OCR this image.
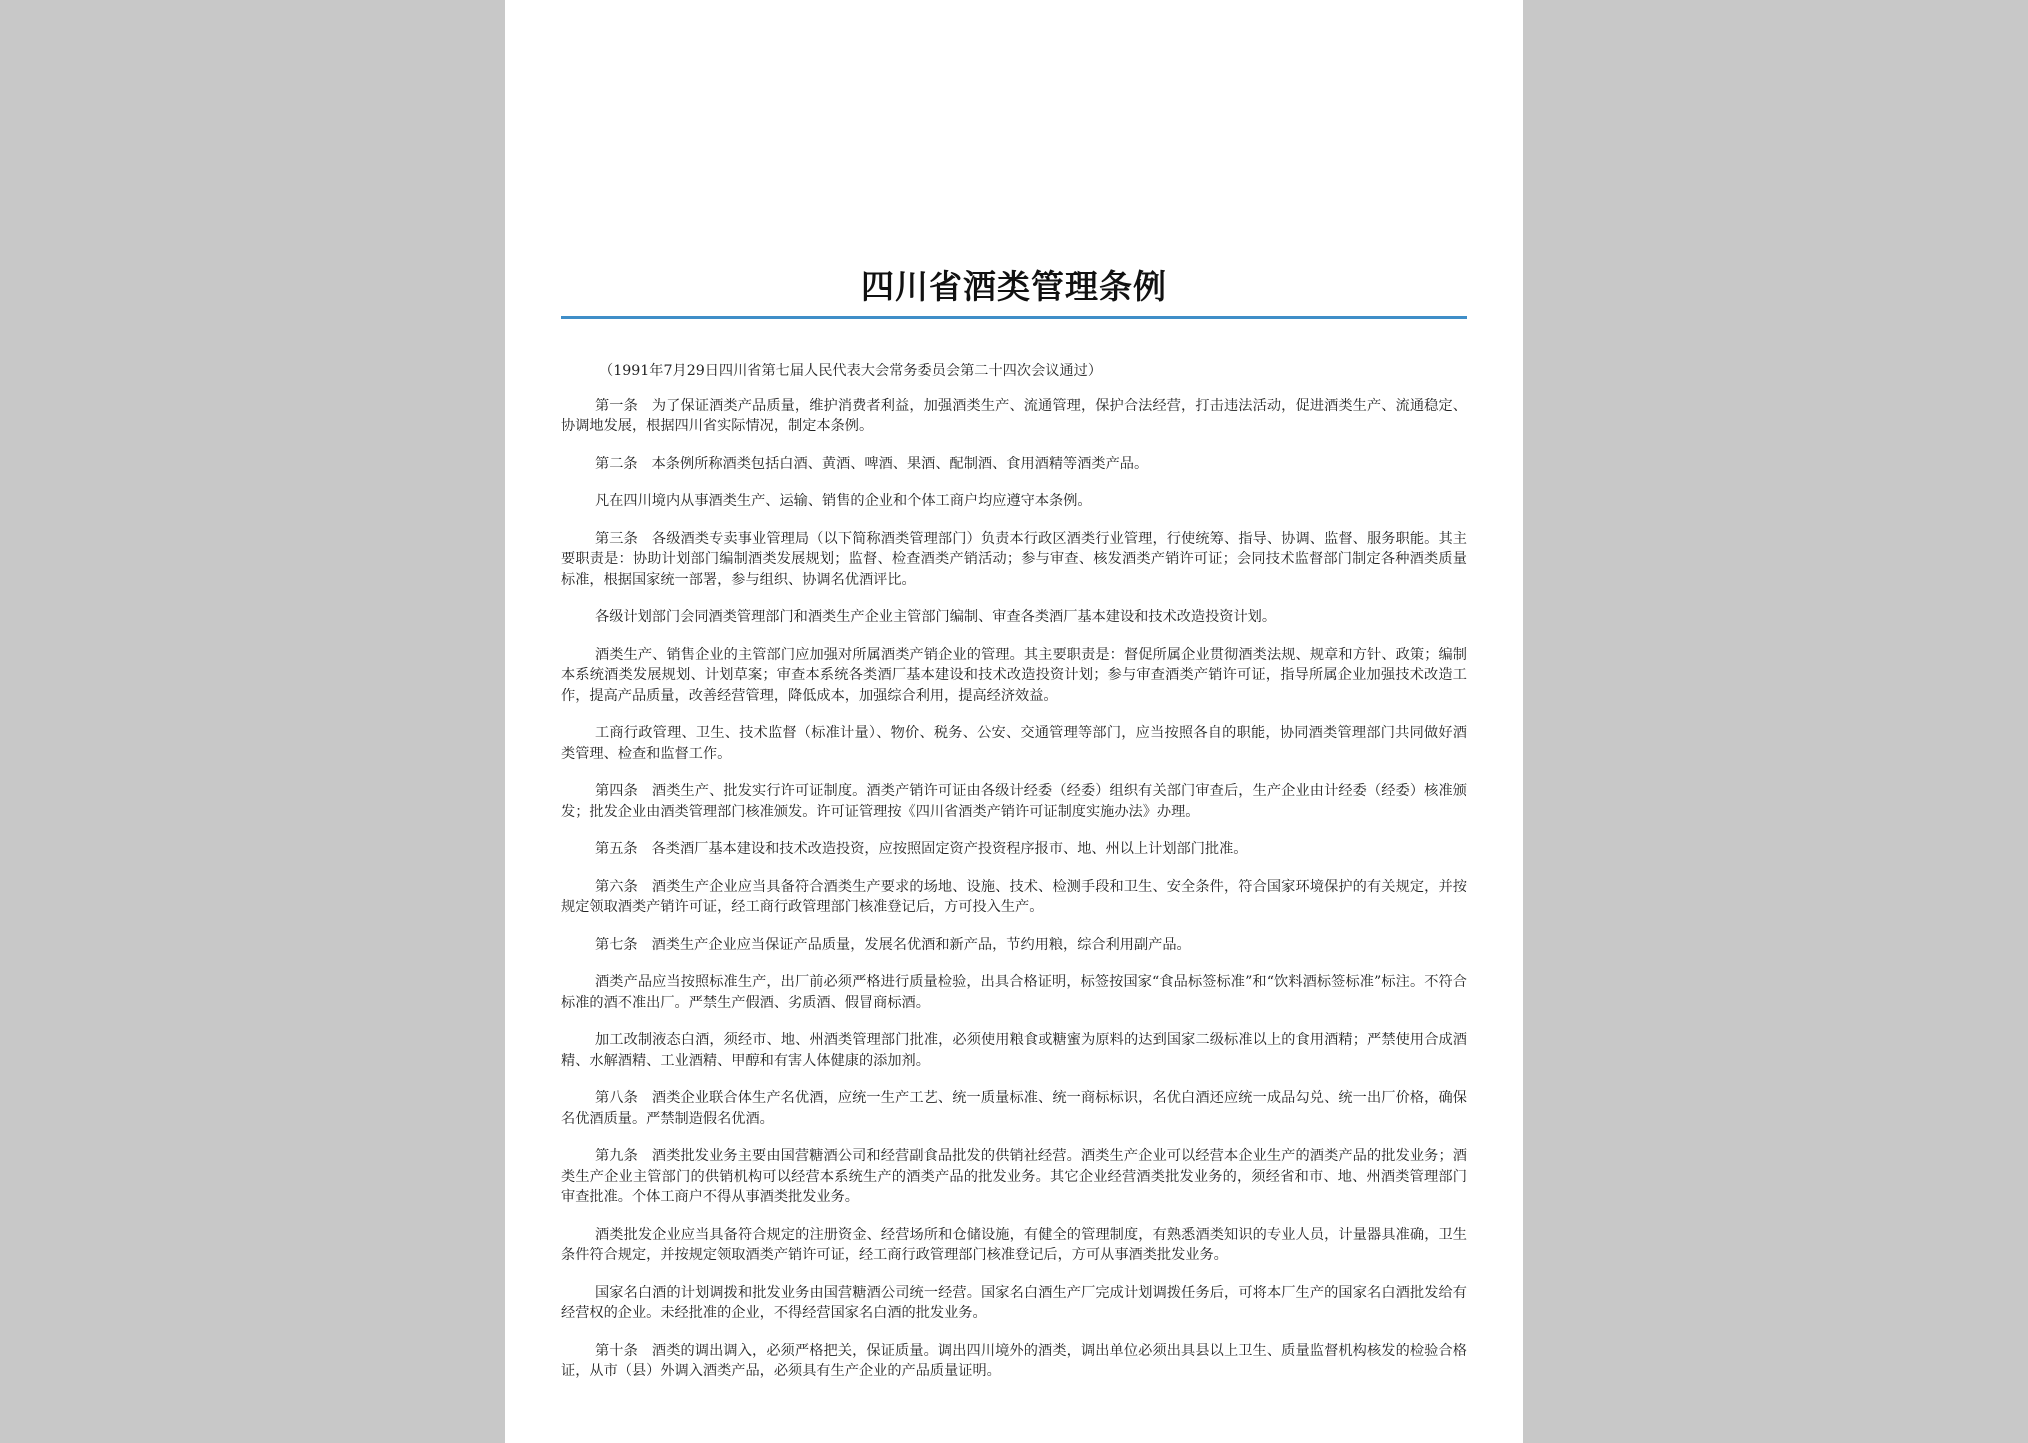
四川省酒类管理条例

（1991年7月29日四川省第七届人民代表大会常务委员会第二十四次会议通过）

第一条 为了保证酒类产品质量，维护消费者利益，加强酒类生产、流通管理，保护合法经营，打击违法活动，促进酒类生产、流通稳定、协调地发展，根据四川省实际情况，制定本条例。

第二条 本条例所称酒类包括白酒、黄酒、啤酒、果酒、配制酒、食用酒精等酒类产品。

凡在四川境内从事酒类生产、运输、销售的企业和个体工商户均应遵守本条例。

第三条 各级酒类专卖事业管理局（以下简称酒类管理部门）负责本行政区酒类行业管理，行使统筹、指导、协调、监督、服务职能。其主要职责是：协助计划部门编制酒类发展规划；监督、检查酒类产销活动；参与审查、核发酒类产销许可证；会同技术监督部门制定各种酒类质量标准，根据国家统一部署，参与组织、协调名优酒评比。

各级计划部门会同酒类管理部门和酒类生产企业主管部门编制、审查各类酒厂基本建设和技术改造投资计划。

酒类生产、销售企业的主管部门应加强对所属酒类产销企业的管理。其主要职责是：督促所属企业贯彻酒类法规、规章和方针、政策；编制本系统酒类发展规划、计划草案；审查本系统各类酒厂基本建设和技术改造投资计划；参与审查酒类产销许可证，指导所属企业加强技术改造工作，提高产品质量，改善经营管理，降低成本，加强综合利用，提高经济效益。

工商行政管理、卫生、技术监督（标准计量）、物价、税务、公安、交通管理等部门，应当按照各自的职能，协同酒类管理部门共同做好酒类管理、检查和监督工作。

第四条 酒类生产、批发实行许可证制度。酒类产销许可证由各级计经委（经委）组织有关部门审查后，生产企业由计经委（经委）核准颁发；批发企业由酒类管理部门核准颁发。许可证管理按《四川省酒类产销许可证制度实施办法》办理。

第五条 各类酒厂基本建设和技术改造投资，应按照固定资产投资程序报市、地、州以上计划部门批准。

第六条 酒类生产企业应当具备符合酒类生产要求的场地、设施、技术、检测手段和卫生、安全条件，符合国家环境保护的有关规定，并按规定领取酒类产销许可证，经工商行政管理部门核准登记后，方可投入生产。

第七条 酒类生产企业应当保证产品质量，发展名优酒和新产品，节约用粮，综合利用副产品。

酒类产品应当按照标准生产，出厂前必须严格进行质量检验，出具合格证明，标签按国家“食品标签标准”和“饮料酒标签标准”标注。不符合标准的酒不准出厂。严禁生产假酒、劣质酒、假冒商标酒。

加工改制液态白酒，须经市、地、州酒类管理部门批准，必须使用粮食或糖蜜为原料的达到国家二级标准以上的食用酒精；严禁使用合成酒精、水解酒精、工业酒精、甲醇和有害人体健康的添加剂。

第八条 酒类企业联合体生产名优酒，应统一生产工艺、统一质量标准、统一商标标识，名优白酒还应统一成品勾兑、统一出厂价格，确保名优酒质量。严禁制造假名优酒。

第九条 酒类批发业务主要由国营糖酒公司和经营副食品批发的供销社经营。酒类生产企业可以经营本企业生产的酒类产品的批发业务；酒类生产企业主管部门的供销机构可以经营本系统生产的酒类产品的批发业务。其它企业经营酒类批发业务的，须经省和市、地、州酒类管理部门审查批准。个体工商户不得从事酒类批发业务。

酒类批发企业应当具备符合规定的注册资金、经营场所和仓储设施，有健全的管理制度，有熟悉酒类知识的专业人员，计量器具准确，卫生条件符合规定，并按规定领取酒类产销许可证，经工商行政管理部门核准登记后，方可从事酒类批发业务。

国家名白酒的计划调拨和批发业务由国营糖酒公司统一经营。国家名白酒生产厂完成计划调拨任务后，可将本厂生产的国家名白酒批发给有经营权的企业。未经批准的企业，不得经营国家名白酒的批发业务。

第十条 酒类的调出调入，必须严格把关，保证质量。调出四川境外的酒类，调出单位必须出具县以上卫生、质量监督机构核发的检验合格证，从市（县）外调入酒类产品，必须具有生产企业的产品质量证明。
